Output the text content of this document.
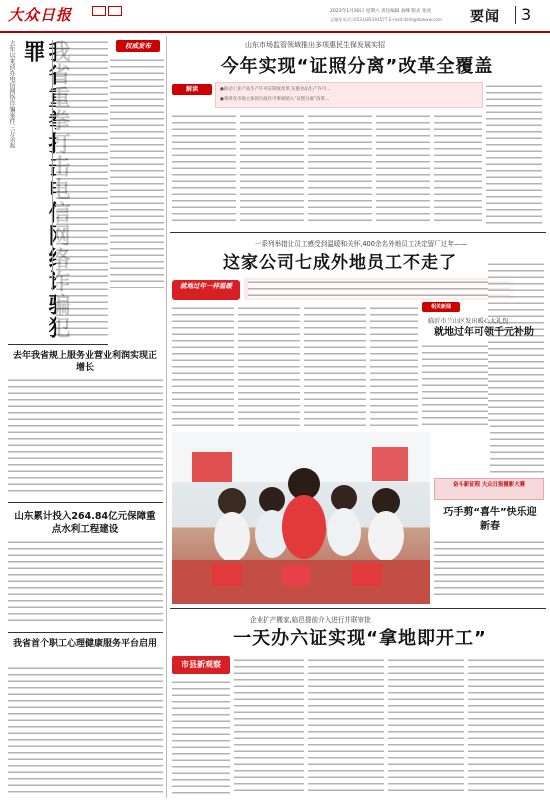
大众日报	2021年1月30日 星期六 责任编辑 高峰 版式 张亮
总编室电话:(0531)85193577 E-mail:dzrb@dzwww.com 要闻 3
去年以来侦办电信网络诈骗案件三万余起 罪
去年我省规上服务业营业利润实现正增长
山东累计投入264.84亿元保障重点水利工程建设
我省首个职工心理健康服务平台启用
权威发布	山东市场监管领域推出多项惠民生保发展实招
今年实现“证照分离”改革全覆盖
解读	●推动工业产品生产许可证制度改革,实施食品生产许可…
●将涉及市场主体的行政许可事项纳入“证照分离”改革…
一系列举措让员工感受到温暖和关怀,400余名外地员工决定留厂过年——
这家公司七成外地员工不走了
就地过年一样温暖
相关新闻
临沂市兰山区发出暖心大礼包
就地过年可领千元补助
奋斗新征程 大众日报摄影大赛
巧手剪“喜牛”快乐迎新春
企业扩产搬家,临邑提前介入进行并联审批
一天办六证实现“拿地即开工”
市县新观察
